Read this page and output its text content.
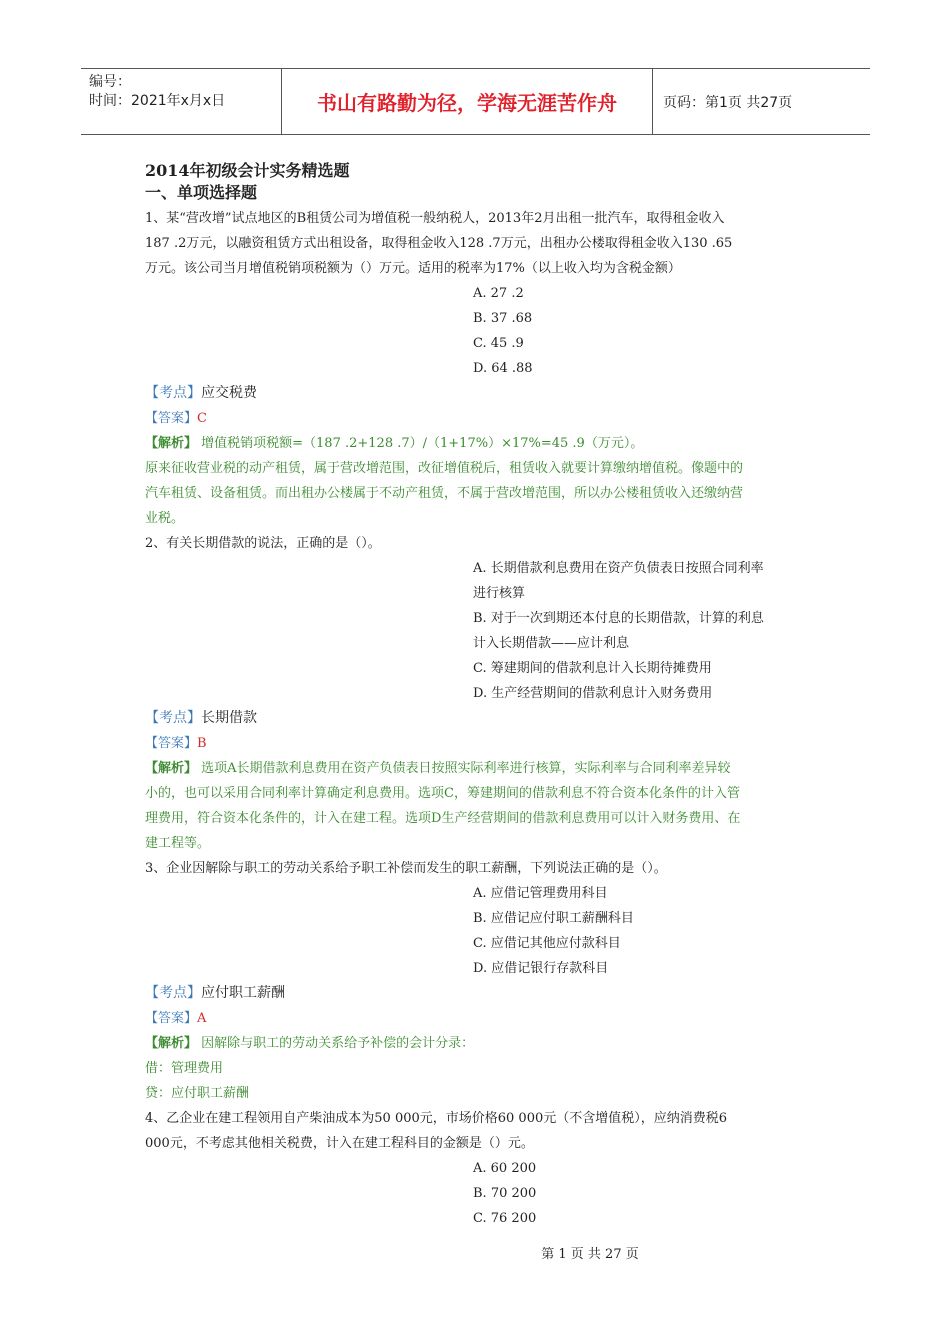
编号：
时间：2021年x月x日	书山有路勤为径，学海无涯苦作舟	页码：第1页 共27页
2014年初级会计实务精选题
一、单项选择题
1、某“营改增”试点地区的B租赁公司为增值税一般纳税人，2013年2月出租一批汽车，取得租金收入
187 .2万元，以融资租赁方式出租设备，取得租金收入128 .7万元，出租办公楼取得租金收入130 .65
万元。该公司当月增值税销项税额为（）万元。适用的税率为17%（以上收入均为含税金额）
A. 27 .2
B. 37 .68
C. 45 .9
D. 64 .88
【考点】应交税费
【答案】C
【解析】 增值税销项税额=（187 .2+128 .7）/（1+17%）×17%=45 .9（万元）。
原来征收营业税的动产租赁，属于营改增范围，改征增值税后，租赁收入就要计算缴纳增值税。像题中的
汽车租赁、设备租赁。而出租办公楼属于不动产租赁，不属于营改增范围，所以办公楼租赁收入还缴纳营
业税。
2、有关长期借款的说法，正确的是（）。
A. 长期借款利息费用在资产负债表日按照合同利率
进行核算
B. 对于一次到期还本付息的长期借款，计算的利息
计入长期借款——应计利息
C. 筹建期间的借款利息计入长期待摊费用
D. 生产经营期间的借款利息计入财务费用
【考点】长期借款
【答案】B
【解析】 选项A长期借款利息费用在资产负债表日按照实际利率进行核算，实际利率与合同利率差异较
小的，也可以采用合同利率计算确定利息费用。选项C，筹建期间的借款利息不符合资本化条件的计入管
理费用，符合资本化条件的，计入在建工程。选项D生产经营期间的借款利息费用可以计入财务费用、在
建工程等。
3、企业因解除与职工的劳动关系给予职工补偿而发生的职工薪酬，下列说法正确的是（）。
A. 应借记管理费用科目
B. 应借记应付职工薪酬科目
C. 应借记其他应付款科目
D. 应借记银行存款科目
【考点】应付职工薪酬
【答案】A
【解析】 因解除与职工的劳动关系给予补偿的会计分录：
借：管理费用
贷：应付职工薪酬
4、乙企业在建工程领用自产柴油成本为50 000元，市场价格60 000元（不含增值税），应纳消费税6
000元，不考虑其他相关税费，计入在建工程科目的金额是（）元。
A. 60 200
B. 70 200
C. 76 200
第 1 页 共 27 页
